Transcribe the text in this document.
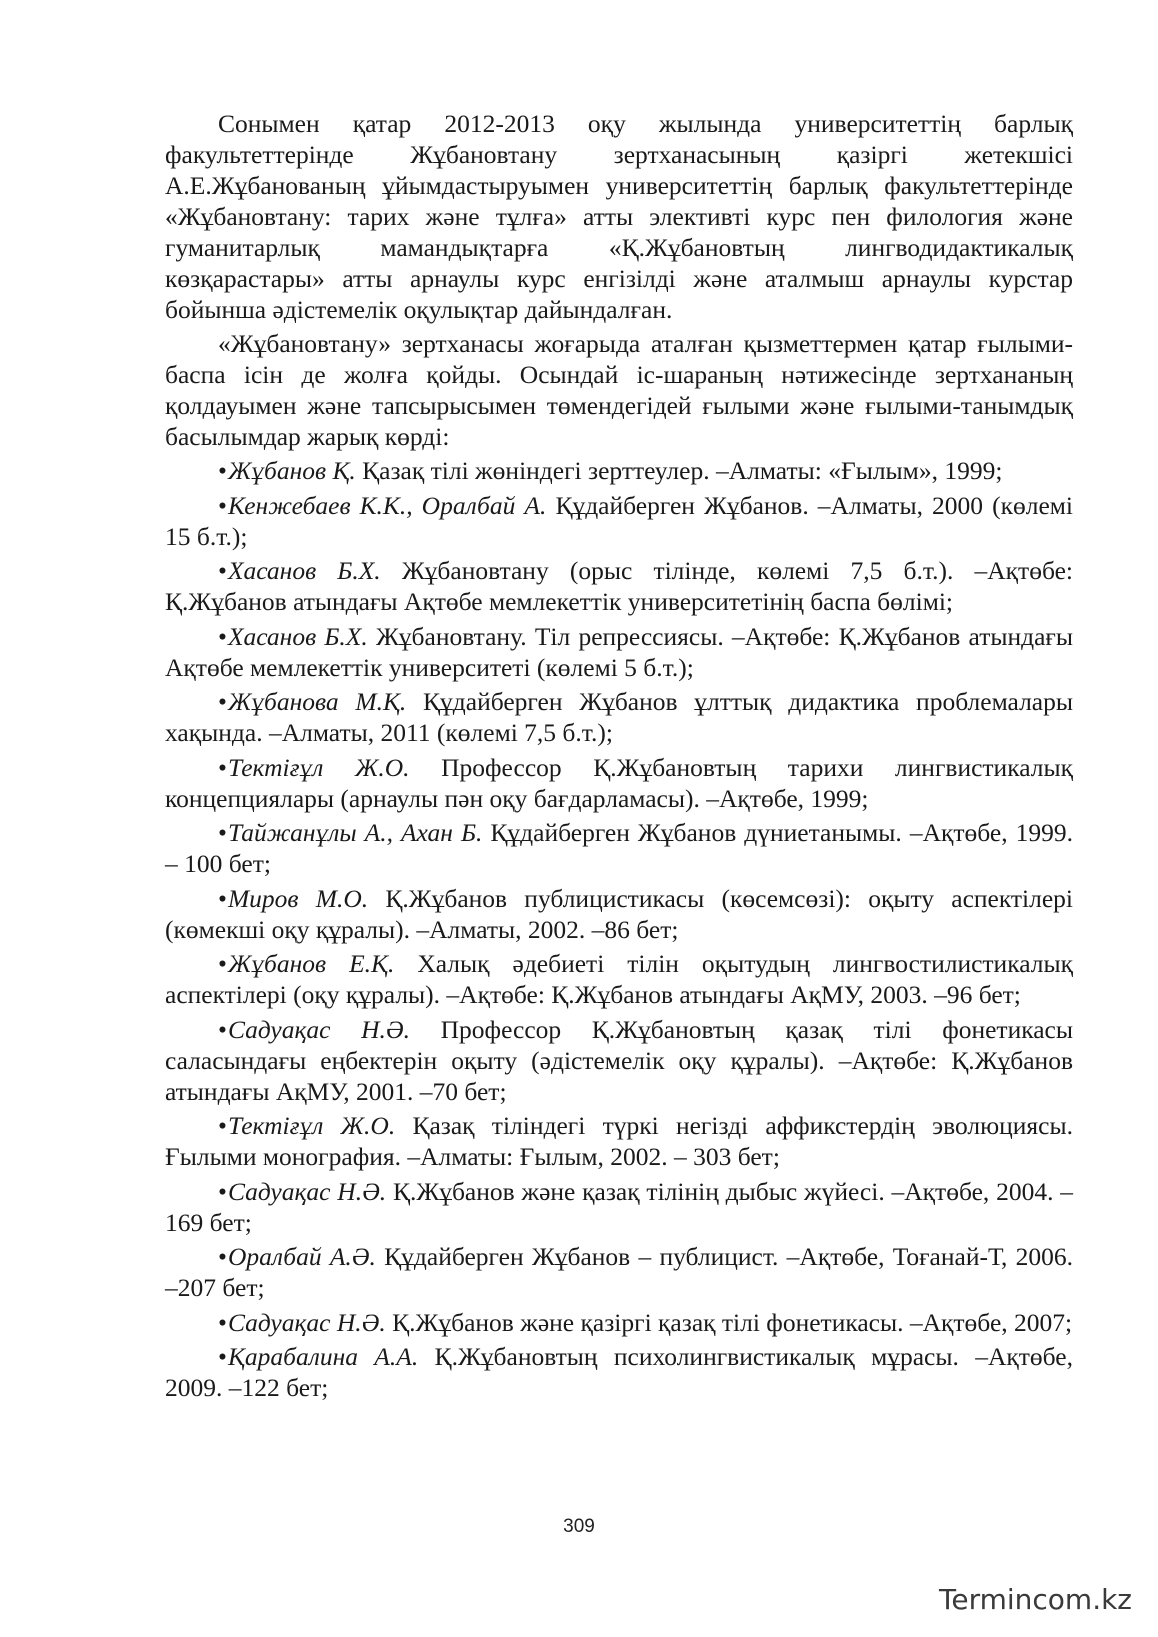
Сонымен қатар 2012-2013 оқу жылында университеттің барлық факультеттерінде Жұбановтану зертханасының қазіргі жетекшісі А.Е.Жұбанованың ұйымдастыруымен университеттің барлық факультеттерінде «Жұбановтану: тарих және тұлға» атты элективті курс пен филология және гуманитарлық мамандықтарға «Қ.Жұбановтың лингводидактикалық көзқарастары» атты арнаулы курс енгізілді және аталмыш арнаулы курстар бойынша әдістемелік оқулықтар дайындалған.

«Жұбановтану» зертханасы жоғарыда аталған қызметтермен қатар ғылыми-баспа ісін де жолға қойды. Осындай іс-шараның нәтижесінде зертхананың қолдауымен және тапсырысымен төмендегідей ғылыми және ғылыми-танымдық басылымдар жарық көрді:

•Жұбанов Қ. Қазақ тілі жөніндегі зерттеулер. –Алматы: «Ғылым», 1999;

•Кенжебаев К.К., Оралбай А. Құдайберген Жұбанов. –Алматы, 2000 (көлемі 15 б.т.);

•Хасанов Б.Х. Жұбановтану (орыс тілінде, көлемі 7,5 б.т.). –Ақтөбе: Қ.Жұбанов атындағы Ақтөбе мемлекеттік университетінің баспа бөлімі;

•Хасанов Б.Х. Жұбановтану. Тіл репрессиясы. –Ақтөбе: Қ.Жұбанов атындағы Ақтөбе мемлекеттік университеті (көлемі 5 б.т.);

•Жұбанова М.Қ. Құдайберген Жұбанов ұлттық дидактика проблемалары хақында. –Алматы, 2011 (көлемі 7,5 б.т.);

•Тектіғұл Ж.О. Профессор Қ.Жұбановтың тарихи лингвистикалық концепциялары (арнаулы пән оқу бағдарламасы). –Ақтөбе, 1999;

•Тайжанұлы А., Ахан Б. Құдайберген Жұбанов дүниетанымы. –Ақтөбе, 1999. – 100 бет;

•Миров М.О. Қ.Жұбанов публицистикасы (көсемсөзі): оқыту аспектілері (көмекші оқу құралы). –Алматы, 2002. –86 бет;

•Жұбанов Е.Қ. Халық әдебиеті тілін оқытудың лингвостилистикалық аспектілері (оқу құралы). –Ақтөбе: Қ.Жұбанов атындағы АқМУ, 2003. –96 бет;

•Садуақас Н.Ә. Профессор Қ.Жұбановтың қазақ тілі фонетикасы саласындағы еңбектерін оқыту (әдістемелік оқу құралы). –Ақтөбе: Қ.Жұбанов атындағы АқМУ, 2001. –70 бет;

•Тектіғұл Ж.О. Қазақ тіліндегі түркі негізді аффикстердің эволюциясы. Ғылыми монография. –Алматы: Ғылым, 2002. – 303 бет;

•Садуақас Н.Ә. Қ.Жұбанов және қазақ тілінің дыбыс жүйесі. –Ақтөбе, 2004. –169 бет;

•Оралбай А.Ә. Құдайберген Жұбанов – публицист. –Ақтөбе, Тоғанай-Т, 2006. –207 бет;

•Садуақас Н.Ә. Қ.Жұбанов және қазіргі қазақ тілі фонетикасы. –Ақтөбе, 2007;

•Қарабалина А.А. Қ.Жұбановтың психолингвистикалық мұрасы. –Ақтөбе, 2009. –122 бет;

309
Termincom.kz
